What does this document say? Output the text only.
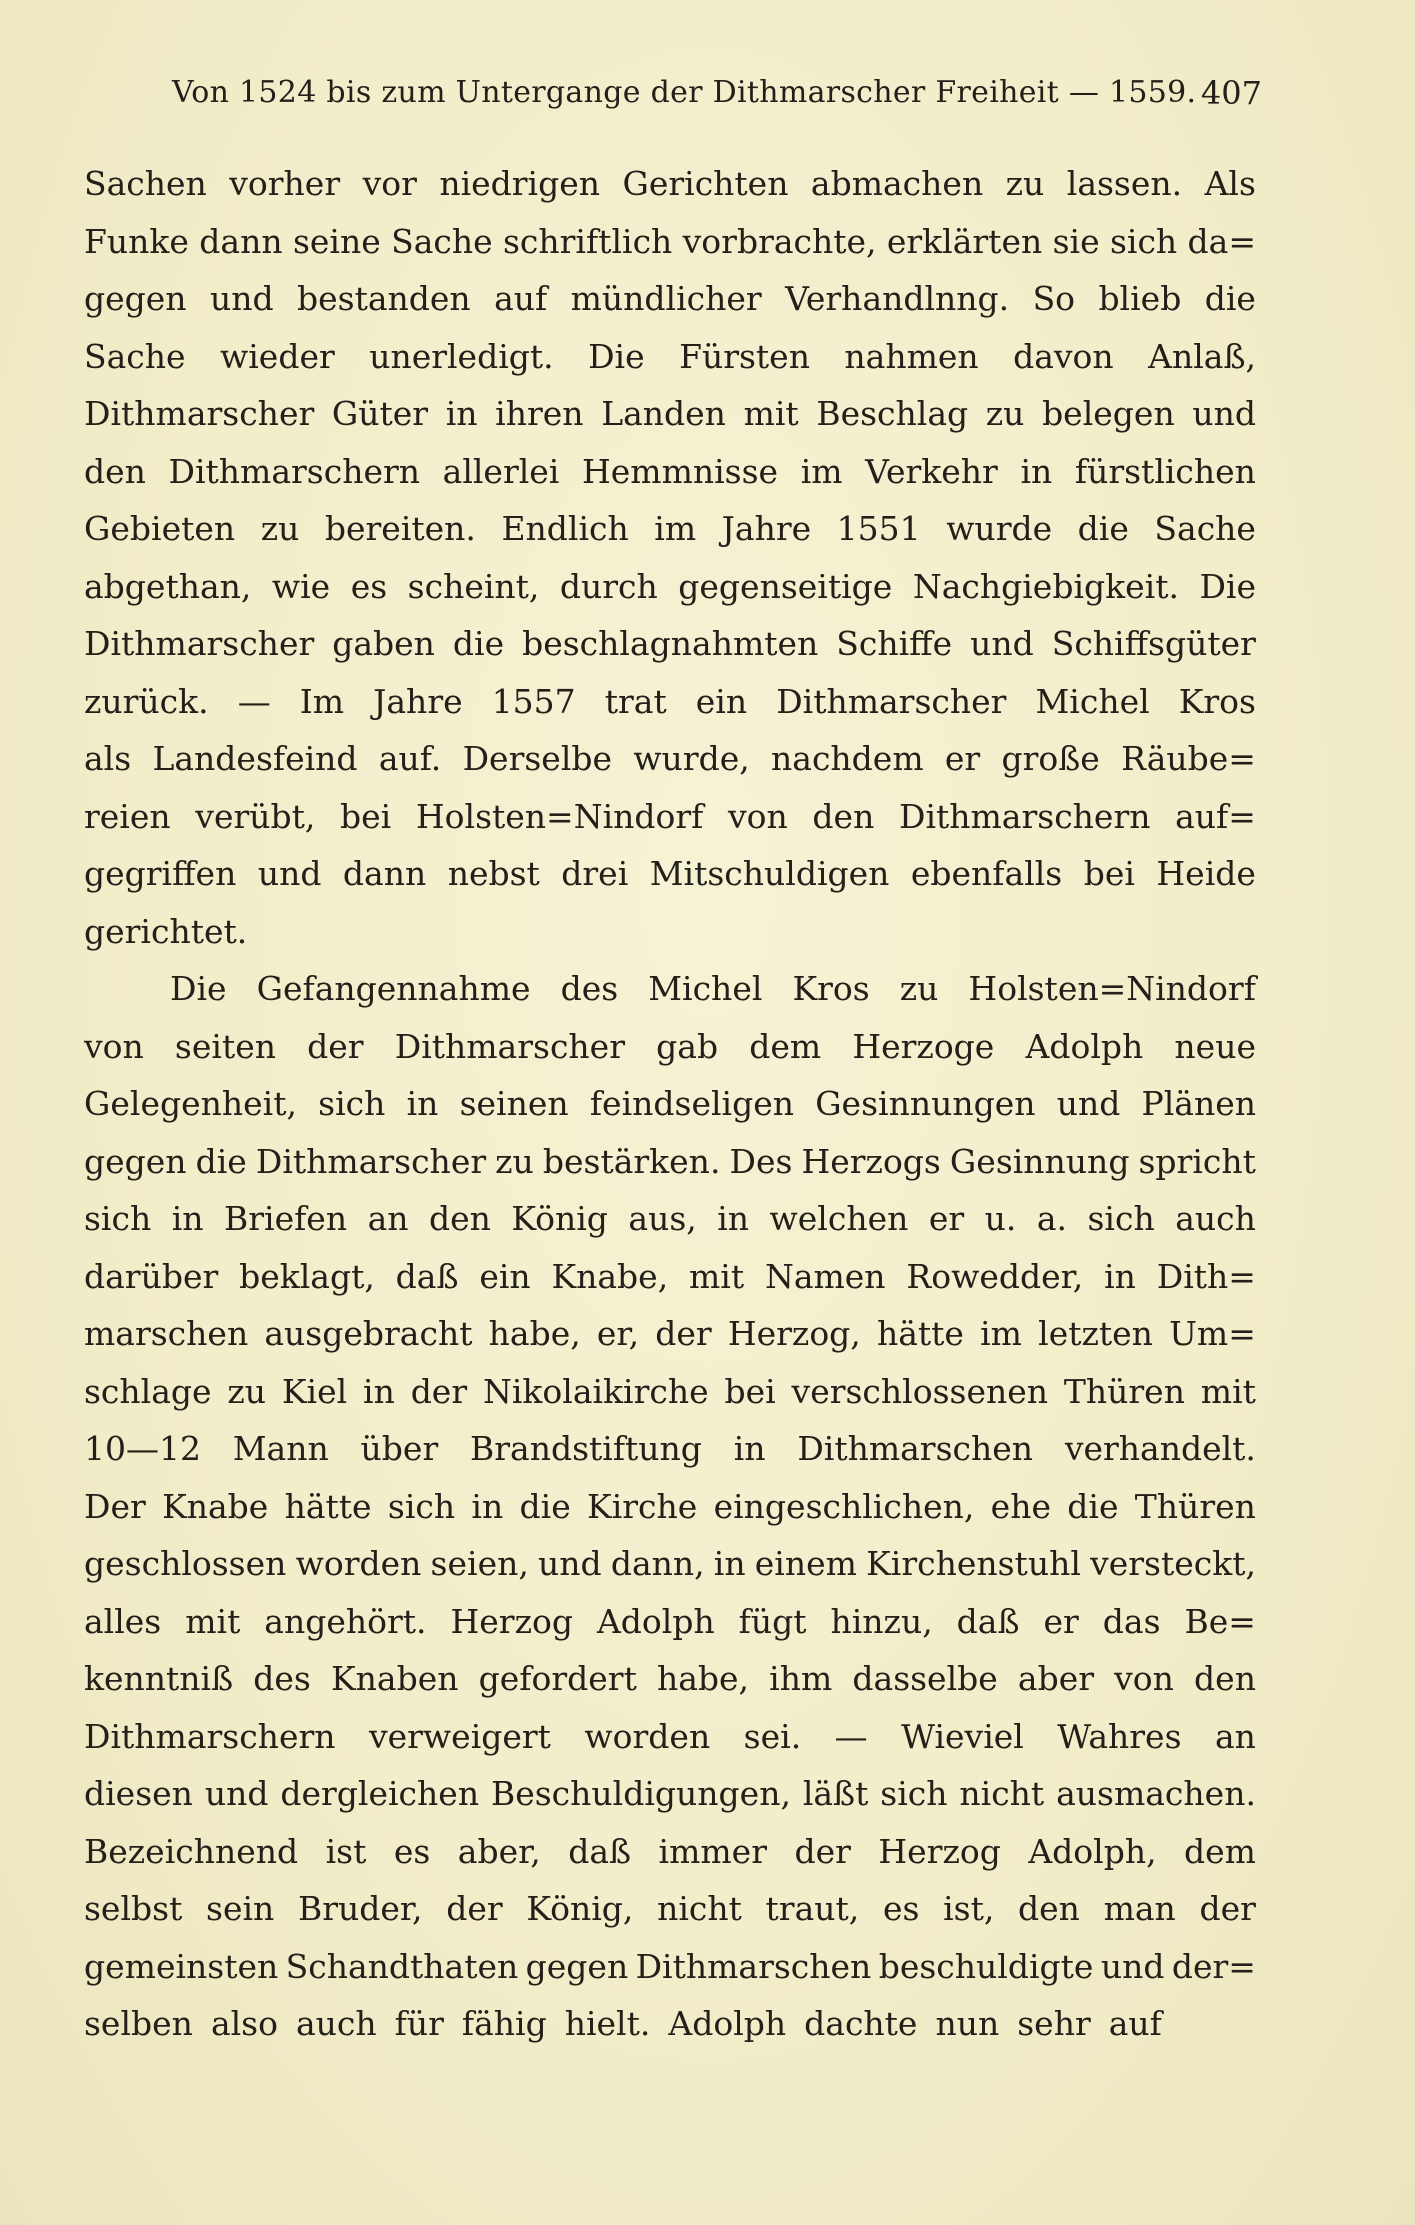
Von 1524 bis zum Untergange der Dithmarscher Freiheit — 1559. 407
Sachen vorher vor niedrigen Gerichten abmachen zu lassen. Als
Funke dann seine Sache schriftlich vorbrachte, erklärten sie sich da=
gegen und bestanden auf mündlicher Verhandlnng. So blieb die
Sache wieder unerledigt. Die Fürsten nahmen davon Anlaß,
Dithmarscher Güter in ihren Landen mit Beschlag zu belegen und
den Dithmarschern allerlei Hemmnisse im Verkehr in fürstlichen
Gebieten zu bereiten. Endlich im Jahre 1551 wurde die Sache
abgethan, wie es scheint, durch gegenseitige Nachgiebigkeit. Die
Dithmarscher gaben die beschlagnahmten Schiffe und Schiffsgüter
zurück. — Im Jahre 1557 trat ein Dithmarscher Michel Kros
als Landesfeind auf. Derselbe wurde, nachdem er große Räube=
reien verübt, bei Holsten=Nindorf von den Dithmarschern auf=
gegriffen und dann nebst drei Mitschuldigen ebenfalls bei Heide
gerichtet.
Die Gefangennahme des Michel Kros zu Holsten=Nindorf
von seiten der Dithmarscher gab dem Herzoge Adolph neue
Gelegenheit, sich in seinen feindseligen Gesinnungen und Plänen
gegen die Dithmarscher zu bestärken. Des Herzogs Gesinnung spricht
sich in Briefen an den König aus, in welchen er u. a. sich auch
darüber beklagt, daß ein Knabe, mit Namen Rowedder, in Dith=
marschen ausgebracht habe, er, der Herzog, hätte im letzten Um=
schlage zu Kiel in der Nikolaikirche bei verschlossenen Thüren mit
10—12 Mann über Brandstiftung in Dithmarschen verhandelt.
Der Knabe hätte sich in die Kirche eingeschlichen, ehe die Thüren
geschlossen worden seien, und dann, in einem Kirchenstuhl versteckt,
alles mit angehört. Herzog Adolph fügt hinzu, daß er das Be=
kenntniß des Knaben gefordert habe, ihm dasselbe aber von den
Dithmarschern verweigert worden sei. — Wieviel Wahres an
diesen und dergleichen Beschuldigungen, läßt sich nicht ausmachen.
Bezeichnend ist es aber, daß immer der Herzog Adolph, dem
selbst sein Bruder, der König, nicht traut, es ist, den man der
gemeinsten Schandthaten gegen Dithmarschen beschuldigte und der=
selben also auch für fähig hielt. Adolph dachte nun sehr auf
